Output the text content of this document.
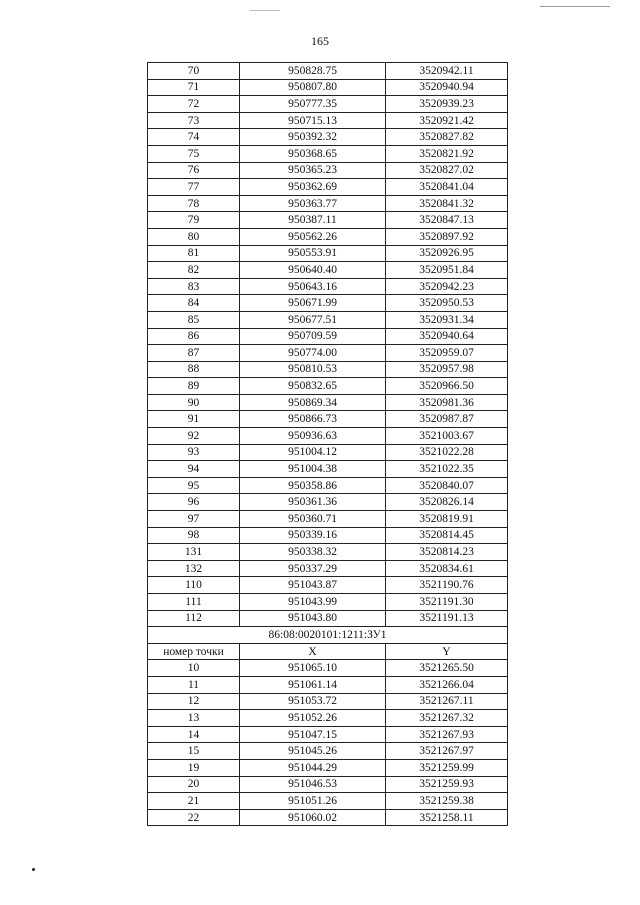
165
70	950828.75	3520942.11
71	950807.80	3520940.94
72	950777.35	3520939.23
73	950715.13	3520921.42
74	950392.32	3520827.82
75	950368.65	3520821.92
76	950365.23	3520827.02
77	950362.69	3520841.04
78	950363.77	3520841.32
79	950387.11	3520847.13
80	950562.26	3520897.92
81	950553.91	3520926.95
82	950640.40	3520951.84
83	950643.16	3520942.23
84	950671.99	3520950.53
85	950677.51	3520931.34
86	950709.59	3520940.64
87	950774.00	3520959.07
88	950810.53	3520957.98
89	950832.65	3520966.50
90	950869.34	3520981.36
91	950866.73	3520987.87
92	950936.63	3521003.67
93	951004.12	3521022.28
94	951004.38	3521022.35
95	950358.86	3520840.07
96	950361.36	3520826.14
97	950360.71	3520819.91
98	950339.16	3520814.45
131	950338.32	3520814.23
132	950337.29	3520834.61
110	951043.87	3521190.76
111	951043.99	3521191.30
112	951043.80	3521191.13
86:08:0020101:1211:ЗУ1		
номер точки	X	Y
10	951065.10	3521265.50
11	951061.14	3521266.04
12	951053.72	3521267.11
13	951052.26	3521267.32
14	951047.15	3521267.93
15	951045.26	3521267.97
19	951044.29	3521259.99
20	951046.53	3521259.93
21	951051.26	3521259.38
22	951060.02	3521258.11
